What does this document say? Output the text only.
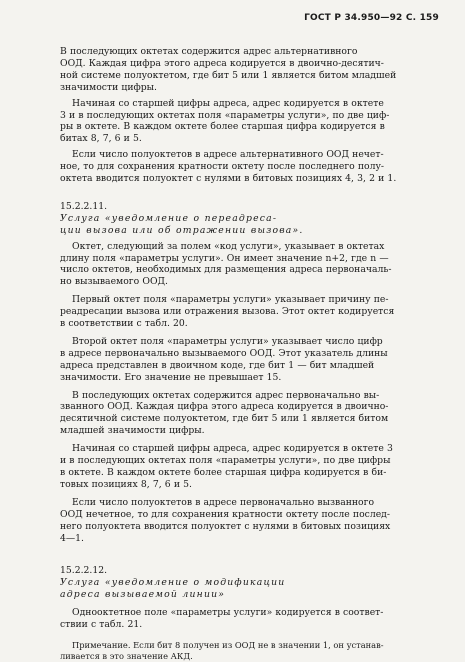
ГОСТ Р 34.950—92 С. 159

В последующих октетах содержится адрес альтернативного
ООД. Каждая цифра этого адреса кодируется в двоично-десятич-
ной системе полуоктетом, где бит 5 или 1 является битом младшей
значимости цифры.

Начиная со старшей цифры адреса, адрес кодируется в октете
3 и в последующих октетах поля «параметры услуги», по две циф-
ры в октете. В каждом октете более старшая цифра кодируется в
битах 8, 7, 6 и 5.

Если число полуоктетов в адресе альтернативного ООД нечет-
ное, то для сохранения кратности октету после последнего полу-
октета вводится полуоктет с нулями в битовых позициях 4, 3, 2 и 1.

15.2.2.11.
Услуга «уведомление о переадреса-
ции вызова или об отражении вызова».

Октет, следующий за полем «код услуги», указывает в октетах
длину поля «параметры услуги». Он имеет значение n+2, где n —
число октетов, необходимых для размещения адреса первоначаль-
но вызываемого ООД.

Первый октет поля «параметры услуги» указывает причину пе-
реадресации вызова или отражения вызова. Этот октет кодируется
в соответствии с табл. 20.

Второй октет поля «параметры услуги» указывает число цифр
в адресе первоначально вызываемого ООД. Этот указатель длины
адреса представлен в двоичном коде, где бит 1 — бит младшей
значимости. Его значение не превышает 15.

В последующих октетах содержится адрес первоначально вы-
званного ООД. Каждая цифра этого адреса кодируется в двоично-
десятичной системе полуоктетом, где бит 5 или 1 является битом
младшей значимости цифры.

Начиная со старшей цифры адреса, адрес кодируется в октете 3
и в последующих октетах поля «параметры услуги», по две цифры
в октете. В каждом октете более старшая цифра кодируется в би-
товых позициях 8, 7, 6 и 5.

Если число полуоктетов в адресе первоначально вызванного
ООД нечетное, то для сохранения кратности октету после послед-
него полуоктета вводится полуоктет с нулями в битовых позициях
4—1.

15.2.2.12.
Услуга «уведомление о модификации
адреса вызываемой линии»

Однооктетное поле «параметры услуги» кодируется в соответ-
ствии с табл. 21.

Примечание. Если бит 8 получен из ООД не в значении 1, он устанав-
ливается в это значение АКД.
